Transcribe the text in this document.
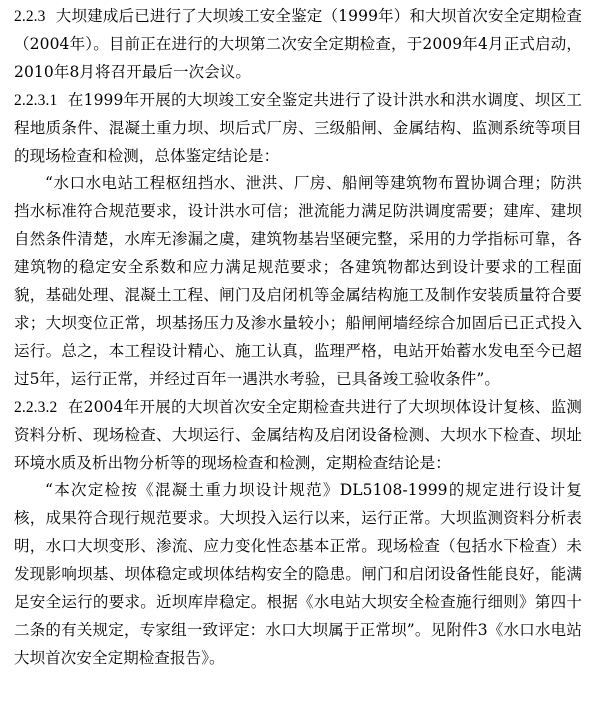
2.2.3 大坝建成后已进行了大坝竣工安全鉴定（1999年）和大坝首次安全定期检查（2004年）。目前正在进行的大坝第二次安全定期检查，于2009年4月正式启动，2010年8月将召开最后一次会议。

2.2.3.1 在1999年开展的大坝竣工安全鉴定共进行了设计洪水和洪水调度、坝区工程地质条件、混凝土重力坝、坝后式厂房、三级船闸、金属结构、监测系统等项目的现场检查和检测，总体鉴定结论是：

“水口水电站工程枢纽挡水、泄洪、厂房、船闸等建筑物布置协调合理；防洪挡水标准符合规范要求，设计洪水可信；泄流能力满足防洪调度需要；建库、建坝自然条件清楚，水库无渗漏之虞，建筑物基岩坚硬完整，采用的力学指标可靠，各建筑物的稳定安全系数和应力满足规范要求；各建筑物都达到设计要求的工程面貌，基础处理、混凝土工程、闸门及启闭机等金属结构施工及制作安装质量符合要求；大坝变位正常，坝基扬压力及渗水量较小；船闸闸墙经综合加固后已正式投入运行。总之，本工程设计精心、施工认真，监理严格，电站开始蓄水发电至今已超过5年，运行正常，并经过百年一遇洪水考验，已具备竣工验收条件”。

2.2.3.2 在2004年开展的大坝首次安全定期检查共进行了大坝坝体设计复核、监测资料分析、现场检查、大坝运行、金属结构及启闭设备检测、大坝水下检查、坝址环境水质及析出物分析等的现场检查和检测，定期检查结论是：

“本次定检按《混凝土重力坝设计规范》DL5108-1999的规定进行设计复核，成果符合现行规范要求。大坝投入运行以来，运行正常。大坝监测资料分析表明，水口大坝变形、渗流、应力变化性态基本正常。现场检查（包括水下检查）未发现影响坝基、坝体稳定或坝体结构安全的隐患。闸门和启闭设备性能良好，能满足安全运行的要求。近坝库岸稳定。根据《水电站大坝安全检查施行细则》第四十二条的有关规定，专家组一致评定：水口大坝属于正常坝”。见附件3《水口水电站大坝首次安全定期检查报告》。
